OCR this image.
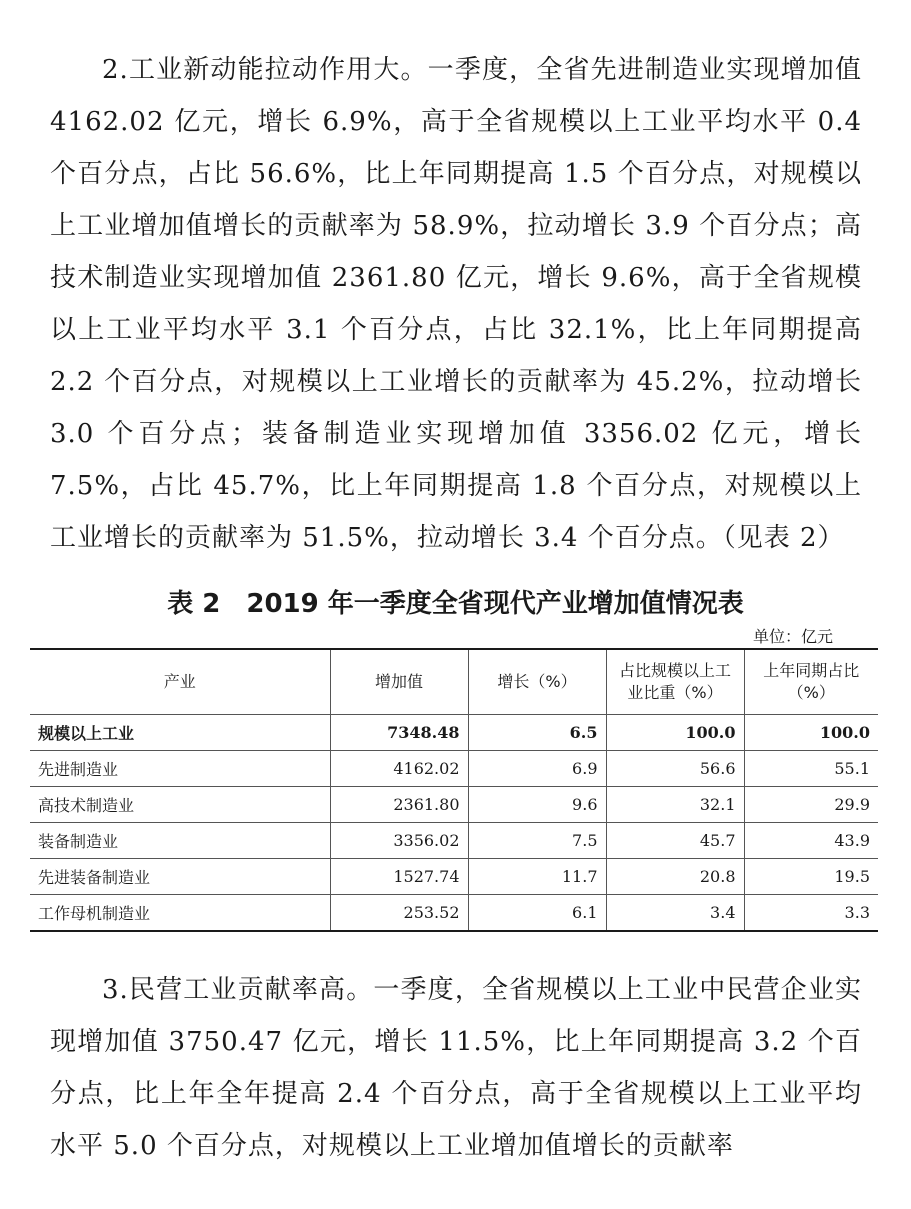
2.工业新动能拉动作用大。一季度，全省先进制造业实现增加值 4162.02 亿元，增长 6.9%，高于全省规模以上工业平均水平 0.4 个百分点，占比 56.6%，比上年同期提高 1.5 个百分点，对规模以上工业增加值增长的贡献率为 58.9%，拉动增长 3.9 个百分点；高技术制造业实现增加值 2361.80 亿元，增长 9.6%，高于全省规模以上工业平均水平 3.1 个百分点，占比 32.1%，比上年同期提高 2.2 个百分点，对规模以上工业增长的贡献率为 45.2%，拉动增长 3.0 个百分点；装备制造业实现增加值 3356.02 亿元，增长 7.5%，占比 45.7%，比上年同期提高 1.8 个百分点，对规模以上工业增长的贡献率为 51.5%，拉动增长 3.4 个百分点。（见表 2）

表 2　2019 年一季度全省现代产业增加值情况表
单位：亿元
产业	增加值	增长（%）	占比规模以上工业比重（%）	上年同期占比（%）
规模以上工业	7348.48	6.5	100.0	100.0
先进制造业	4162.02	6.9	56.6	55.1
高技术制造业	2361.80	9.6	32.1	29.9
装备制造业	3356.02	7.5	45.7	43.9
先进装备制造业	1527.74	11.7	20.8	19.5
工作母机制造业	253.52	6.1	3.4	3.3

3.民营工业贡献率高。一季度，全省规模以上工业中民营企业实现增加值 3750.47 亿元，增长 11.5%，比上年同期提高 3.2 个百分点，比上年全年提高 2.4 个百分点，高于全省规模以上工业平均水平 5.0 个百分点，对规模以上工业增加值增长的贡献率
